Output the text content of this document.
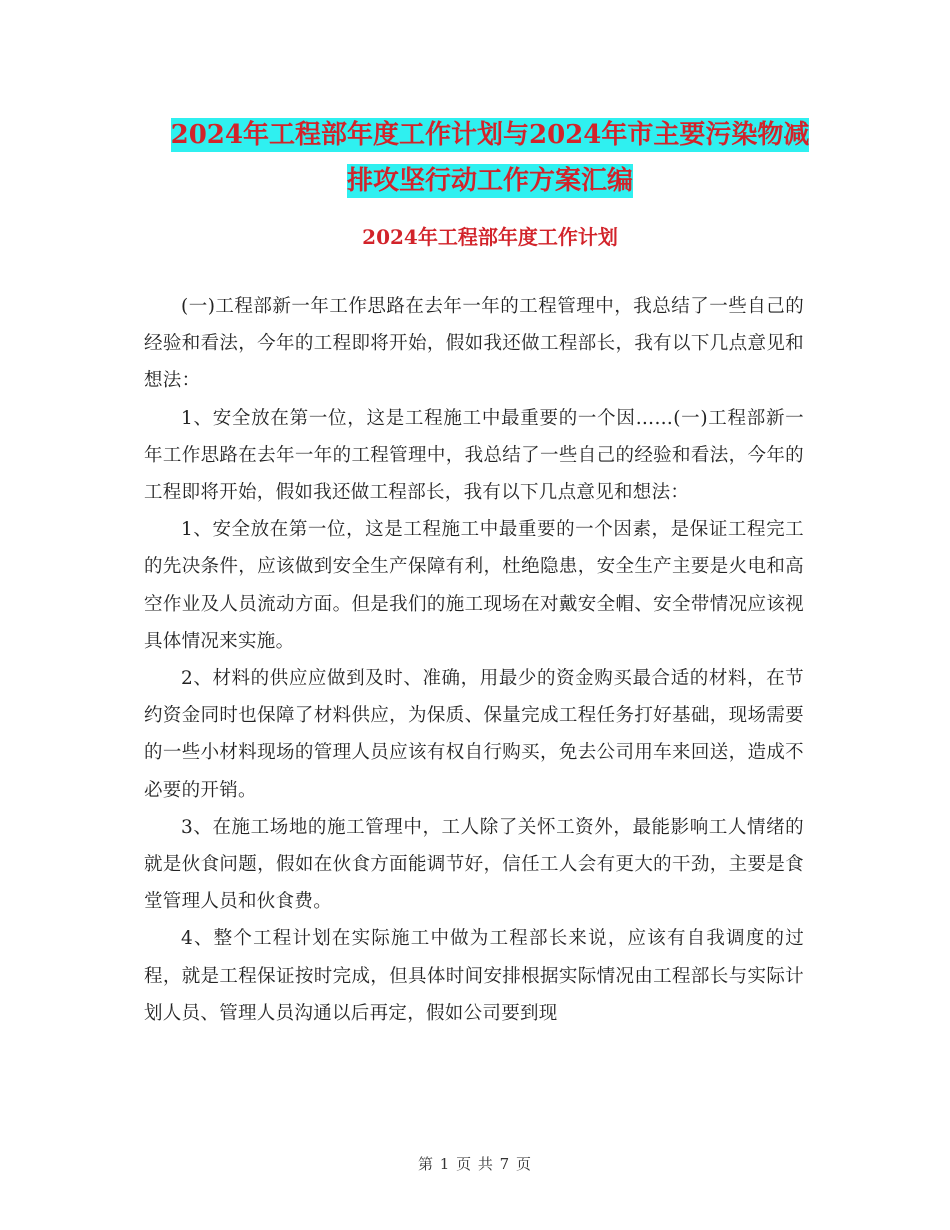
2024年工程部年度工作计划与2024年市主要污染物减
排攻坚行动工作方案汇编
2024年工程部年度工作计划

(一)工程部新一年工作思路在去年一年的工程管理中，我总结了一些自己的经验和看法，今年的工程即将开始，假如我还做工程部长，我有以下几点意见和想法：

1、安全放在第一位，这是工程施工中最重要的一个因……(一)工程部新一年工作思路在去年一年的工程管理中，我总结了一些自己的经验和看法，今年的工程即将开始，假如我还做工程部长，我有以下几点意见和想法：

1、安全放在第一位，这是工程施工中最重要的一个因素，是保证工程完工的先决条件，应该做到安全生产保障有利，杜绝隐患，安全生产主要是火电和高空作业及人员流动方面。但是我们的施工现场在对戴安全帽、安全带情况应该视具体情况来实施。

2、材料的供应应做到及时、准确，用最少的资金购买最合适的材料，在节约资金同时也保障了材料供应，为保质、保量完成工程任务打好基础，现场需要的一些小材料现场的管理人员应该有权自行购买，免去公司用车来回送，造成不必要的开销。

3、在施工场地的施工管理中，工人除了关怀工资外，最能影响工人情绪的就是伙食问题，假如在伙食方面能调节好，信任工人会有更大的干劲，主要是食堂管理人员和伙食费。

4、整个工程计划在实际施工中做为工程部长来说，应该有自我调度的过程，就是工程保证按时完成，但具体时间安排根据实际情况由工程部长与实际计划人员、管理人员沟通以后再定，假如公司要到现

第 1 页 共 7 页
